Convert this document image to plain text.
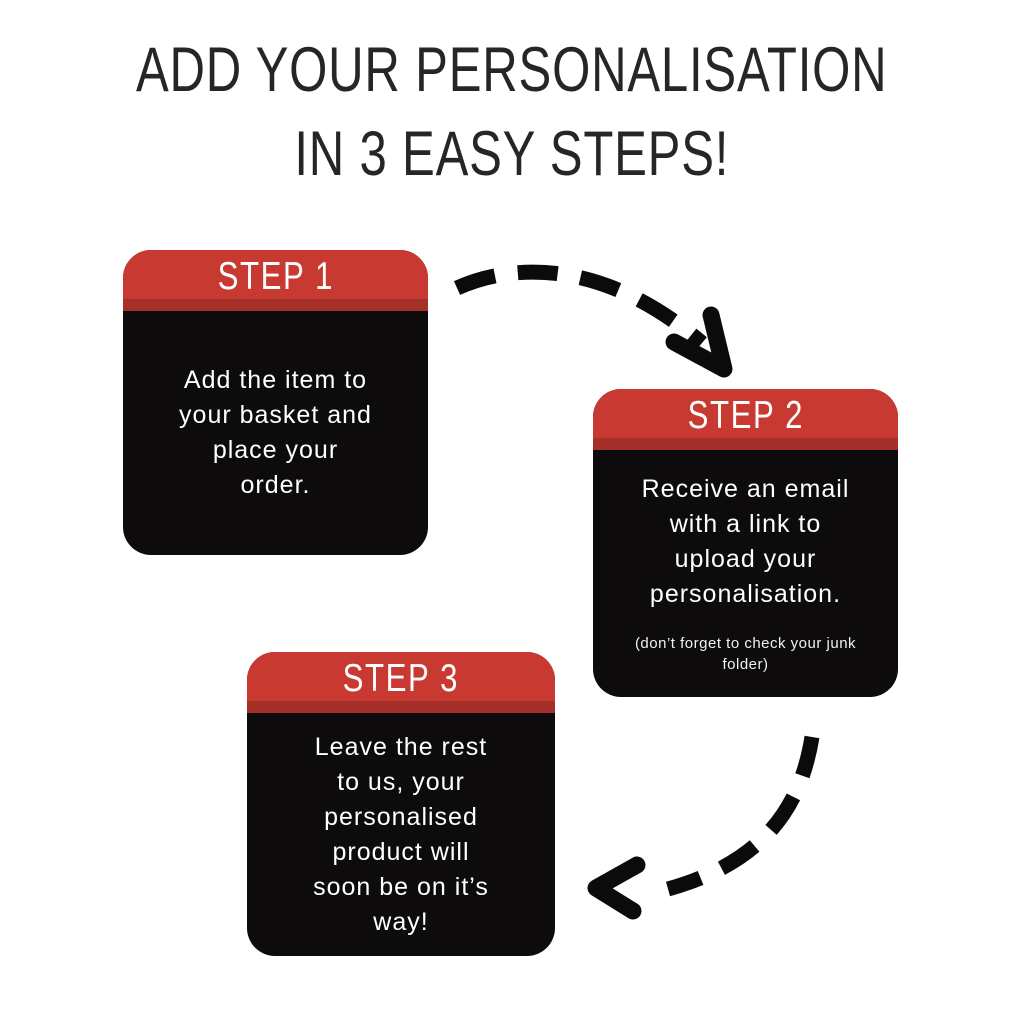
ADD YOUR PERSONALISATION
IN 3 EASY STEPS!
STEP 1

Add the item to
your basket and
place your
order.

STEP 2

Receive an email
with a link to
upload your
personalisation.

(don’t forget to check your junk
folder)

STEP 3

Leave the rest
to us, your
personalised
product will
soon be on it’s
way!
